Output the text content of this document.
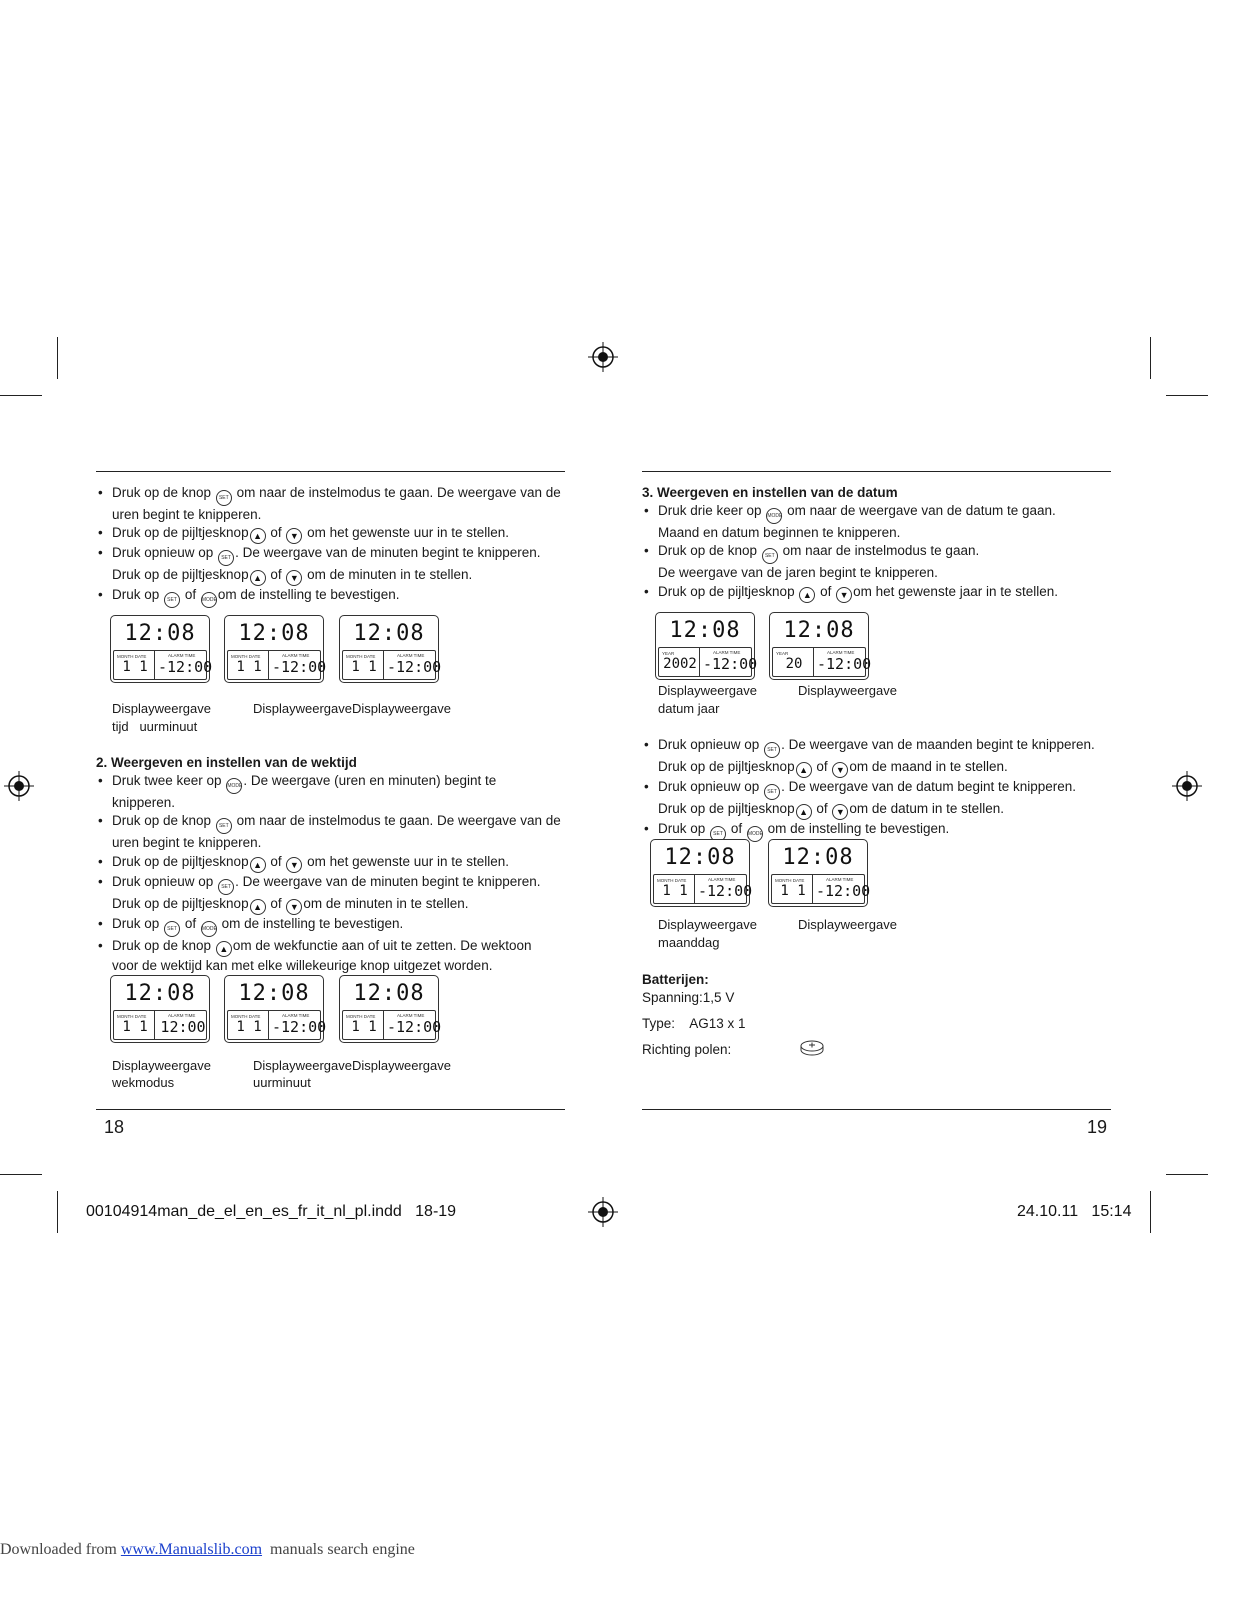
• Druk op de knop SET om naar de instelmodus te gaan. De weergave van de
uren begint te knipperen.

• Druk op de pijltjesknop ▲ of ▼ om het gewenste uur in te stellen.

• Druk opnieuw op SET . De weergave van de minuten begint te knipperen.
Druk op de pijltjesknop ▲ of ▼ om de minuten in te stellen.

• Druk op SET of MODEom de instelling te bevestigen.

12:08
MONTH DATE	ALARM TIME
1 1 -12:00
12:08
MONTH DATE	ALARM TIME
1 1 -12:00
12:08
MONTH DATE	ALARM TIME
1 1 -12:00
Displayweergave
tijd   uurminuut
DisplayweergaveDisplayweergave

2. Weergeven en instellen van de wektijd

• Druk twee keer op MODE. De weergave (uren en minuten) begint te
knipperen.

• Druk op de knop SET om naar de instelmodus te gaan. De weergave van de
uren begint te knipperen.

• Druk op de pijltjesknop ▲ of ▼ om het gewenste uur in te stellen.

• Druk opnieuw op SET . De weergave van de minuten begint te knipperen.
Druk op de pijltjesknop ▲ of ▼ om de minuten in te stellen.

• Druk op SET of MODE om de instelling te bevestigen.

• Druk op de knop ▲ om de wekfunctie aan of uit te zetten. De wektoon
voor de wektijd kan met elke willekeurige knop uitgezet worden.

12:08
MONTH DATE	ALARM TIME
1 1 12:00
12:08
MONTH DATE	ALARM TIME
1 1 -12:00
12:08
MONTH DATE	ALARM TIME
1 1 -12:00
Displayweergave
wekmodus
DisplayweergaveDisplayweergave
uurminuut
18

3. Weergeven en instellen van de datum

• Druk drie keer op MODE om naar de weergave van de datum te gaan.
Maand en datum beginnen te knipperen.

• Druk op de knop SET om naar de instelmodus te gaan.
De weergave van de jaren begint te knipperen.

• Druk op de pijltjesknop ▲ of ▼ om het gewenste jaar in te stellen.

12:08
YEAR	ALARM TIME
2002 -12:00
12:08
YEAR	ALARM TIME
20 -12:00
Displayweergave
datum jaar
Displayweergave

• Druk opnieuw op SET . De weergave van de maanden begint te knipperen.
Druk op de pijltjesknop ▲ of ▼ om de maand in te stellen.

• Druk opnieuw op SET . De weergave van de datum begint te knipperen.
Druk op de pijltjesknop ▲ of ▼ om de datum in te stellen.

• Druk op SET of MODE om de instelling te bevestigen.

12:08
MONTH DATE	ALARM TIME
1 1 -12:00
12:08
MONTH DATE	ALARM TIME
1 1 -12:00
Displayweergave
maanddag
Displayweergave
Batterijen:
Spanning:1,5 V
Type:    AG13 x 1
Richting polen:
19
00104914man_de_el_en_es_fr_it_nl_pl.indd   18-19	24.10.11   15:14
Downloaded from www.Manualslib.com  manuals search engine
